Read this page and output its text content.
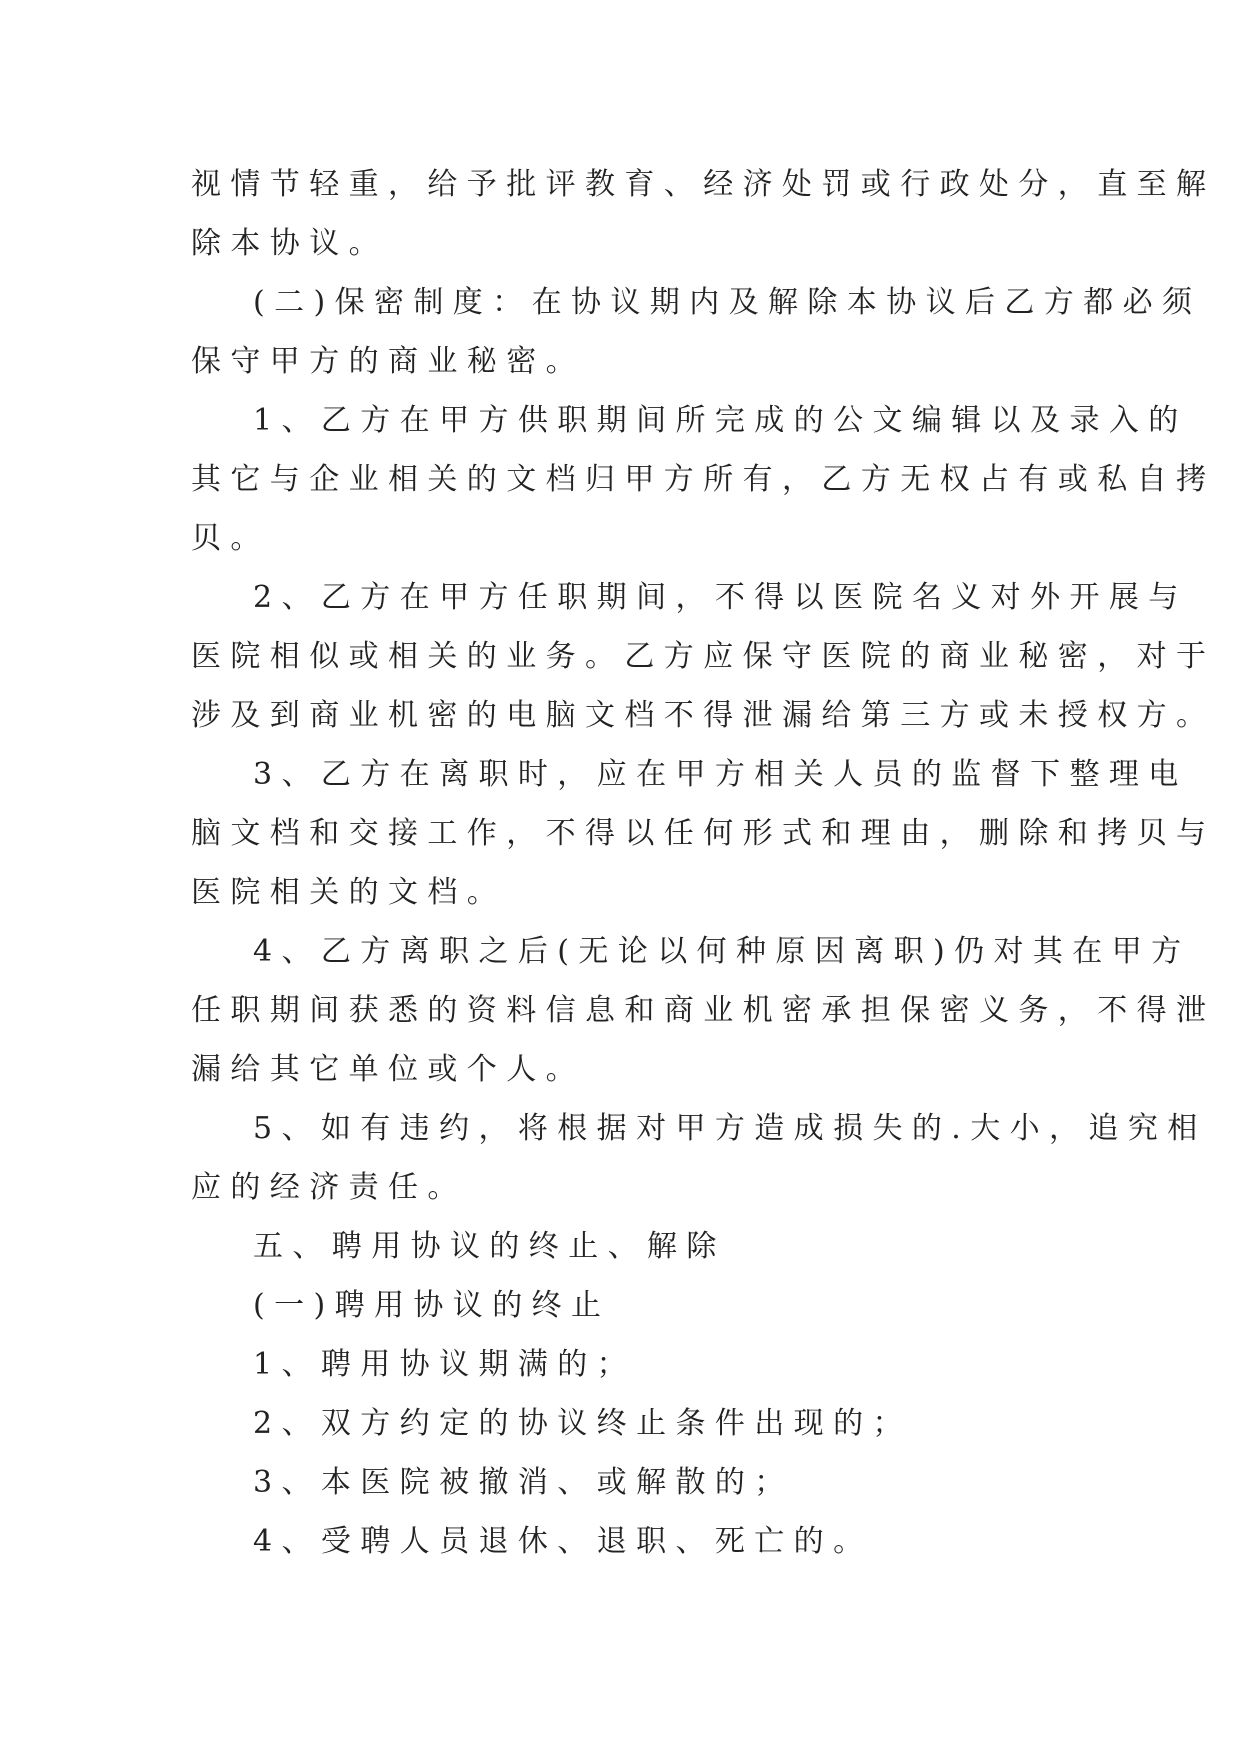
视情节轻重，给予批评教育、经济处罚或行政处分，直至解
除本协议。
(二)保密制度：在协议期内及解除本协议后乙方都必须
保守甲方的商业秘密。
1、乙方在甲方供职期间所完成的公文编辑以及录入的
其它与企业相关的文档归甲方所有，乙方无权占有或私自拷
贝。
2、乙方在甲方任职期间，不得以医院名义对外开展与
医院相似或相关的业务。乙方应保守医院的商业秘密，对于
涉及到商业机密的电脑文档不得泄漏给第三方或未授权方。
3、乙方在离职时，应在甲方相关人员的监督下整理电
脑文档和交接工作，不得以任何形式和理由，删除和拷贝与
医院相关的文档。
4、乙方离职之后(无论以何种原因离职)仍对其在甲方
任职期间获悉的资料信息和商业机密承担保密义务，不得泄
漏给其它单位或个人。
5、如有违约，将根据对甲方造成损失的.大小，追究相
应的经济责任。
五、聘用协议的终止、解除
(一)聘用协议的终止
1、聘用协议期满的；
2、双方约定的协议终止条件出现的；
3、本医院被撤消、或解散的；
4、受聘人员退休、退职、死亡的。
